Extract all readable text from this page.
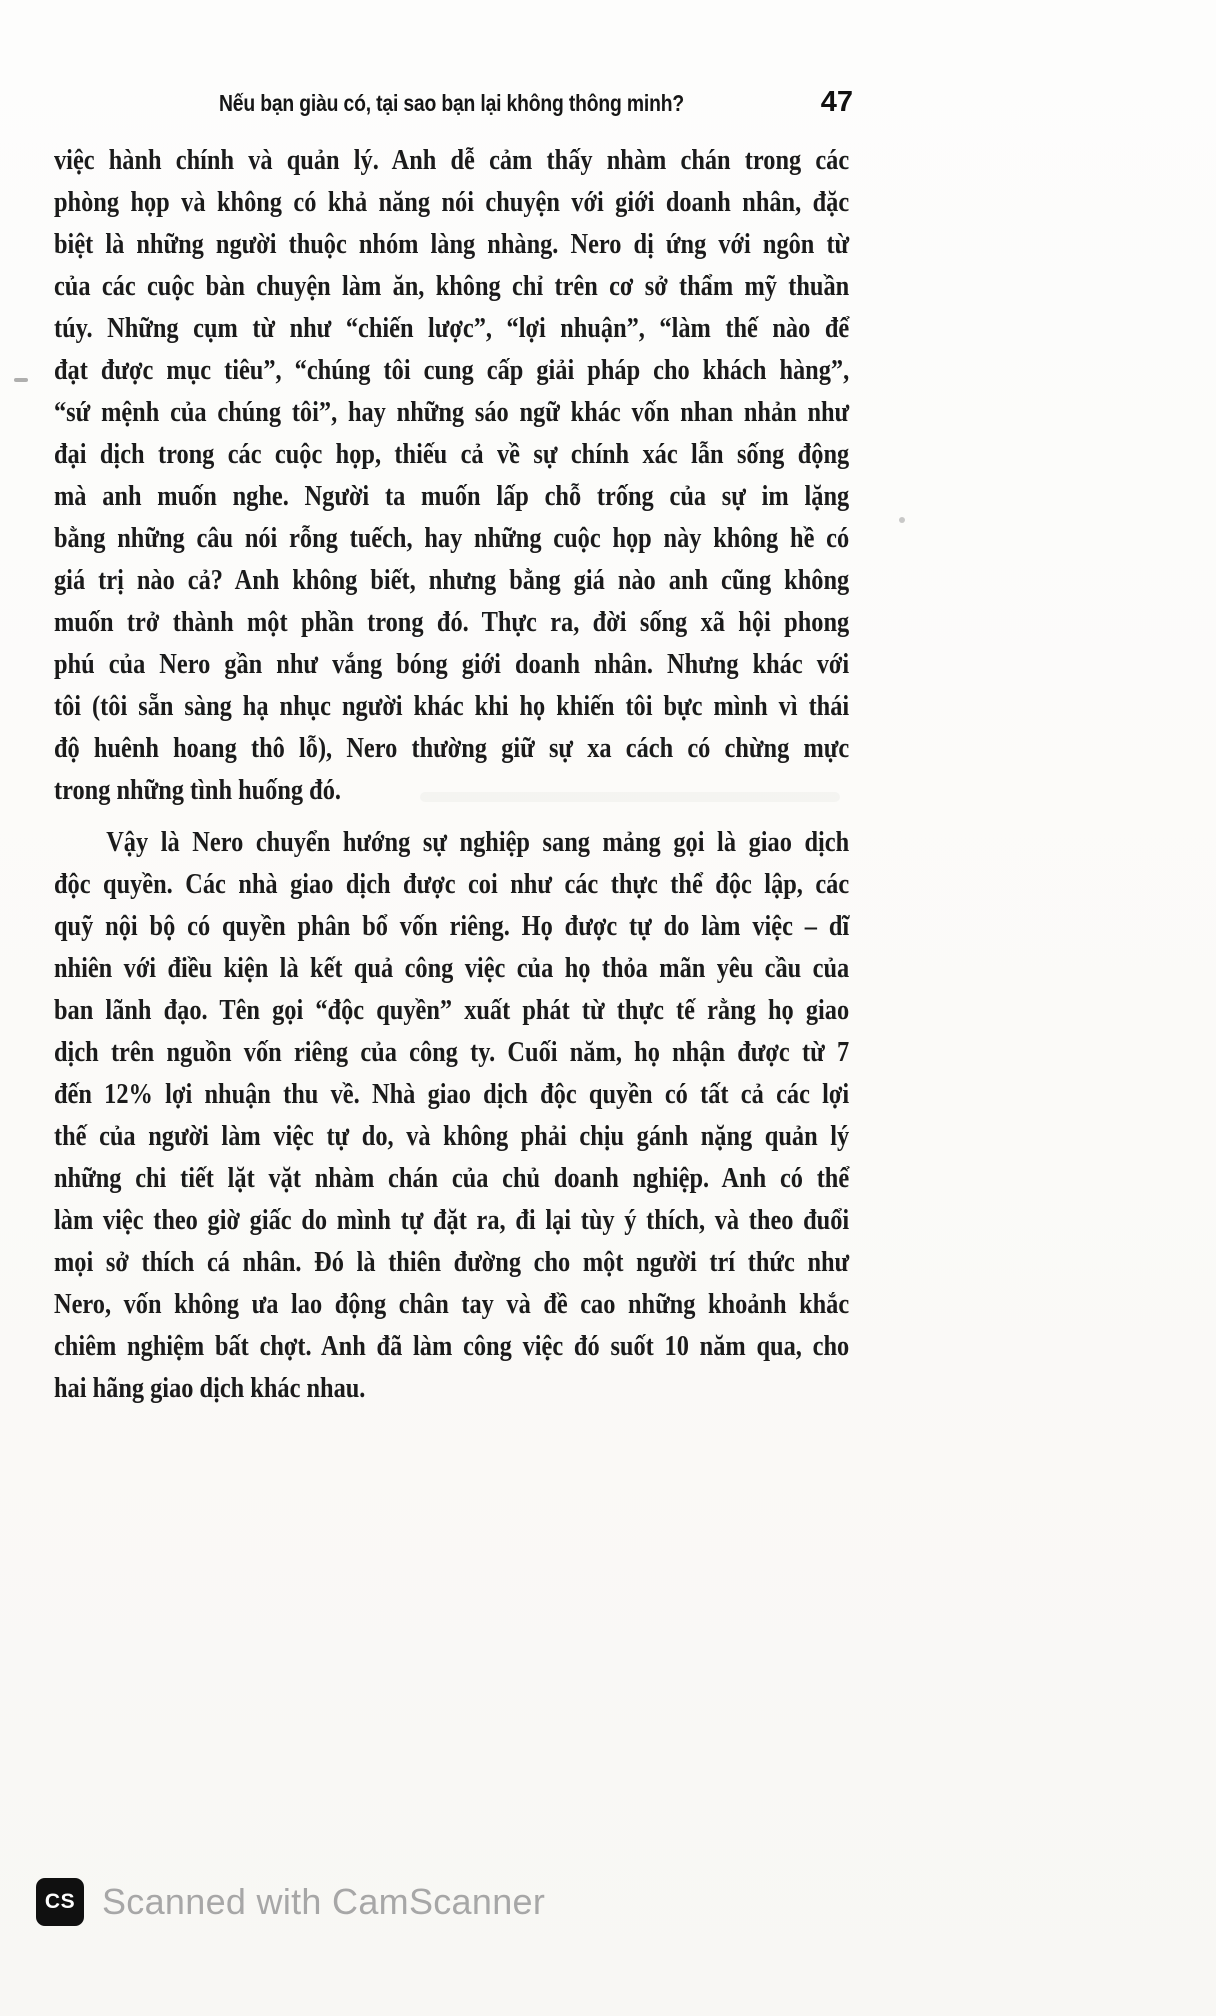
Nếu bạn giàu có, tại sao bạn lại không thông minh?	47
việc hành chính và quản lý. Anh dễ cảm thấy nhàm chán trong các
phòng họp và không có khả năng nói chuyện với giới doanh nhân, đặc
biệt là những người thuộc nhóm làng nhàng. Nero dị ứng với ngôn từ
của các cuộc bàn chuyện làm ăn, không chỉ trên cơ sở thẩm mỹ thuần
túy. Những cụm từ như “chiến lược”, “lợi nhuận”, “làm thế nào để
đạt được mục tiêu”, “chúng tôi cung cấp giải pháp cho khách hàng”,
“sứ mệnh của chúng tôi”, hay những sáo ngữ khác vốn nhan nhản như
đại dịch trong các cuộc họp, thiếu cả về sự chính xác lẫn sống động
mà anh muốn nghe. Người ta muốn lấp chỗ trống của sự im lặng
bằng những câu nói rỗng tuếch, hay những cuộc họp này không hề có
giá trị nào cả? Anh không biết, nhưng bằng giá nào anh cũng không
muốn trở thành một phần trong đó. Thực ra, đời sống xã hội phong
phú của Nero gần như vắng bóng giới doanh nhân. Nhưng khác với
tôi (tôi sẵn sàng hạ nhục người khác khi họ khiến tôi bực mình vì thái
độ huênh hoang thô lỗ), Nero thường giữ sự xa cách có chừng mực
trong những tình huống đó.
Vậy là Nero chuyển hướng sự nghiệp sang mảng gọi là giao dịch
độc quyền. Các nhà giao dịch được coi như các thực thể độc lập, các
quỹ nội bộ có quyền phân bổ vốn riêng. Họ được tự do làm việc – dĩ
nhiên với điều kiện là kết quả công việc của họ thỏa mãn yêu cầu của
ban lãnh đạo. Tên gọi “độc quyền” xuất phát từ thực tế rằng họ giao
dịch trên nguồn vốn riêng của công ty. Cuối năm, họ nhận được từ 7
đến 12% lợi nhuận thu về. Nhà giao dịch độc quyền có tất cả các lợi
thế của người làm việc tự do, và không phải chịu gánh nặng quản lý
những chi tiết lặt vặt nhàm chán của chủ doanh nghiệp. Anh có thể
làm việc theo giờ giấc do mình tự đặt ra, đi lại tùy ý thích, và theo đuổi
mọi sở thích cá nhân. Đó là thiên đường cho một người trí thức như
Nero, vốn không ưa lao động chân tay và đề cao những khoảnh khắc
chiêm nghiệm bất chợt. Anh đã làm công việc đó suốt 10 năm qua, cho
hai hãng giao dịch khác nhau.
CS Scanned with CamScanner
